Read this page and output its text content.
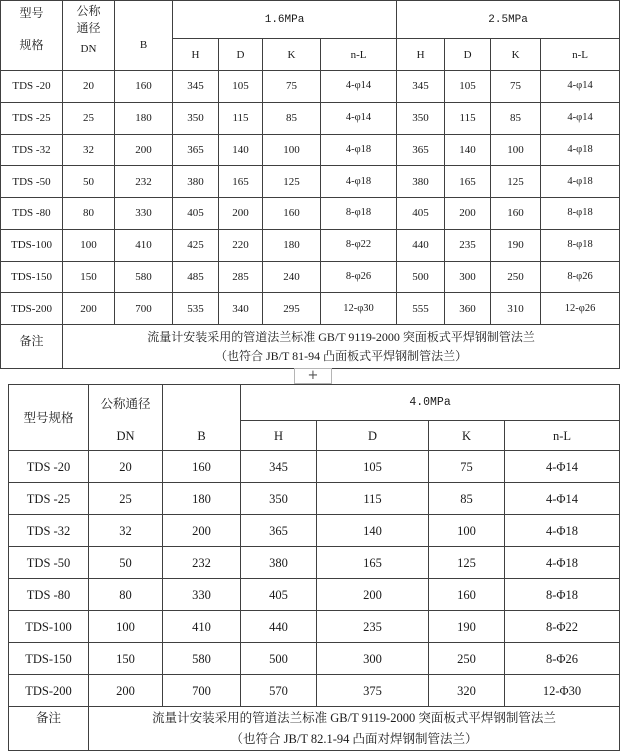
型号
规格	公称
通径
DN	B	1.6MPa				2.5MPa			
			H	D	K	n-L	H	D	K	n-L
TDS -20	20	160	345	105	75	4-φ14	345	105	75	4-φ14
TDS -25	25	180	350	115	85	4-φ14	350	115	85	4-φ14
TDS -32	32	200	365	140	100	4-φ18	365	140	100	4-φ18
TDS -50	50	232	380	165	125	4-φ18	380	165	125	4-φ18
TDS -80	80	330	405	200	160	8-φ18	405	200	160	8-φ18
TDS-100	100	410	425	220	180	8-φ22	440	235	190	8-φ18
TDS-150	150	580	485	285	240	8-φ26	500	300	250	8-φ26
TDS-200	200	700	535	340	295	12-φ30	555	360	310	12-φ26
备注	流量计安装采用的管道法兰标准 GB/T 9119-2000 突面板式平焊钢制管法兰
（也符合 JB/T 81-94 凸面板式平焊钢制管法兰）									
+
型号规格	公称通径
DN	B	4.0MPa			
			H	D	K	n-L
TDS -20	20	160	345	105	75	4-Φ14
TDS -25	25	180	350	115	85	4-Φ14
TDS -32	32	200	365	140	100	4-Φ18
TDS -50	50	232	380	165	125	4-Φ18
TDS -80	80	330	405	200	160	8-Φ18
TDS-100	100	410	440	235	190	8-Φ22
TDS-150	150	580	500	300	250	8-Φ26
TDS-200	200	700	570	375	320	12-Φ30
备注	流量计安装采用的管道法兰标准 GB/T 9119-2000 突面板式平焊钢制管法兰
（也符合 JB/T 82.1-94 凸面对焊钢制管法兰）					
